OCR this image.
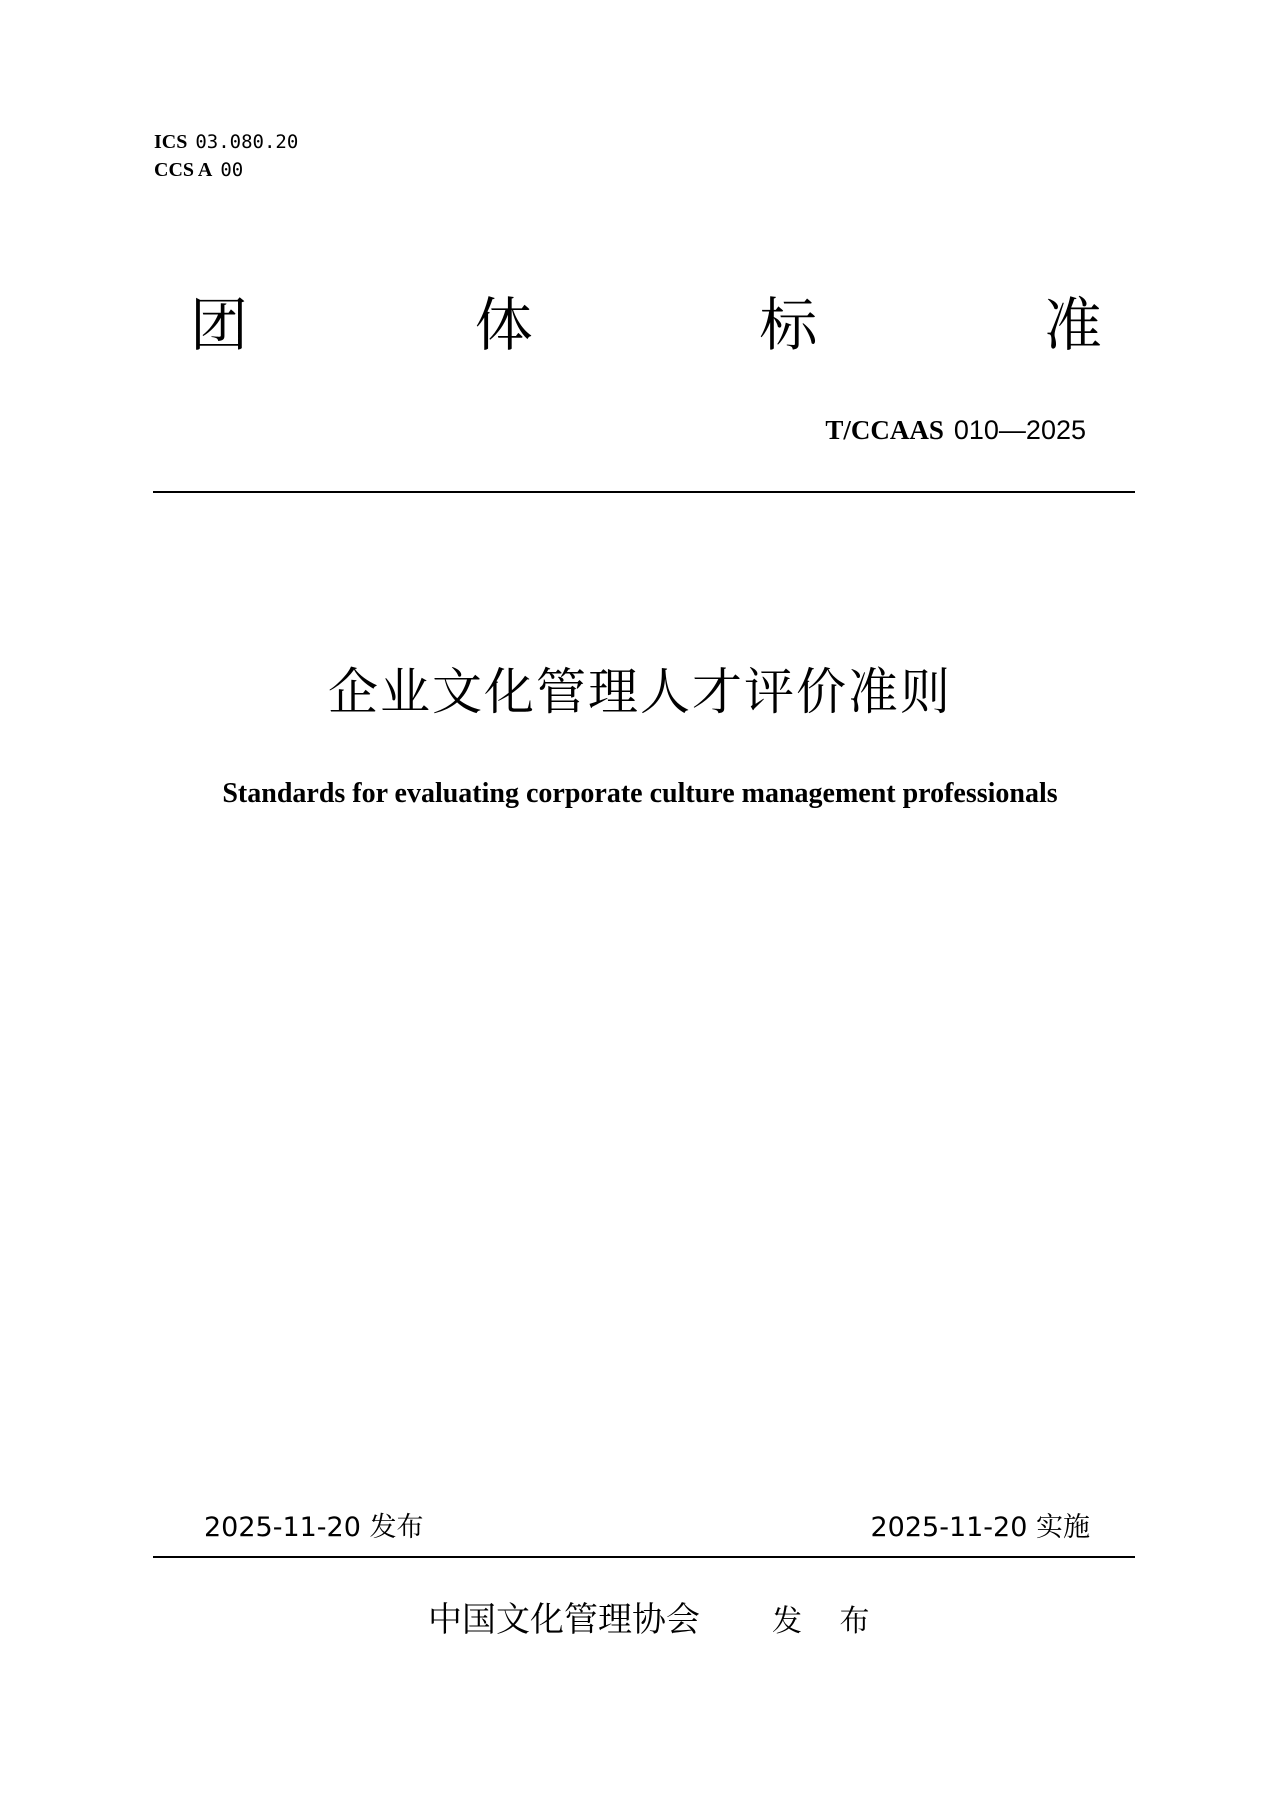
ICS 03.080.20
CCS A 00
团	体	标	准
T/CCAAS 010—2025
企业文化管理人才评价准则
Standards for evaluating corporate culture management professionals
2025-11-20 发布	2025-11-20 实施
中国文化管理协会 发 布
